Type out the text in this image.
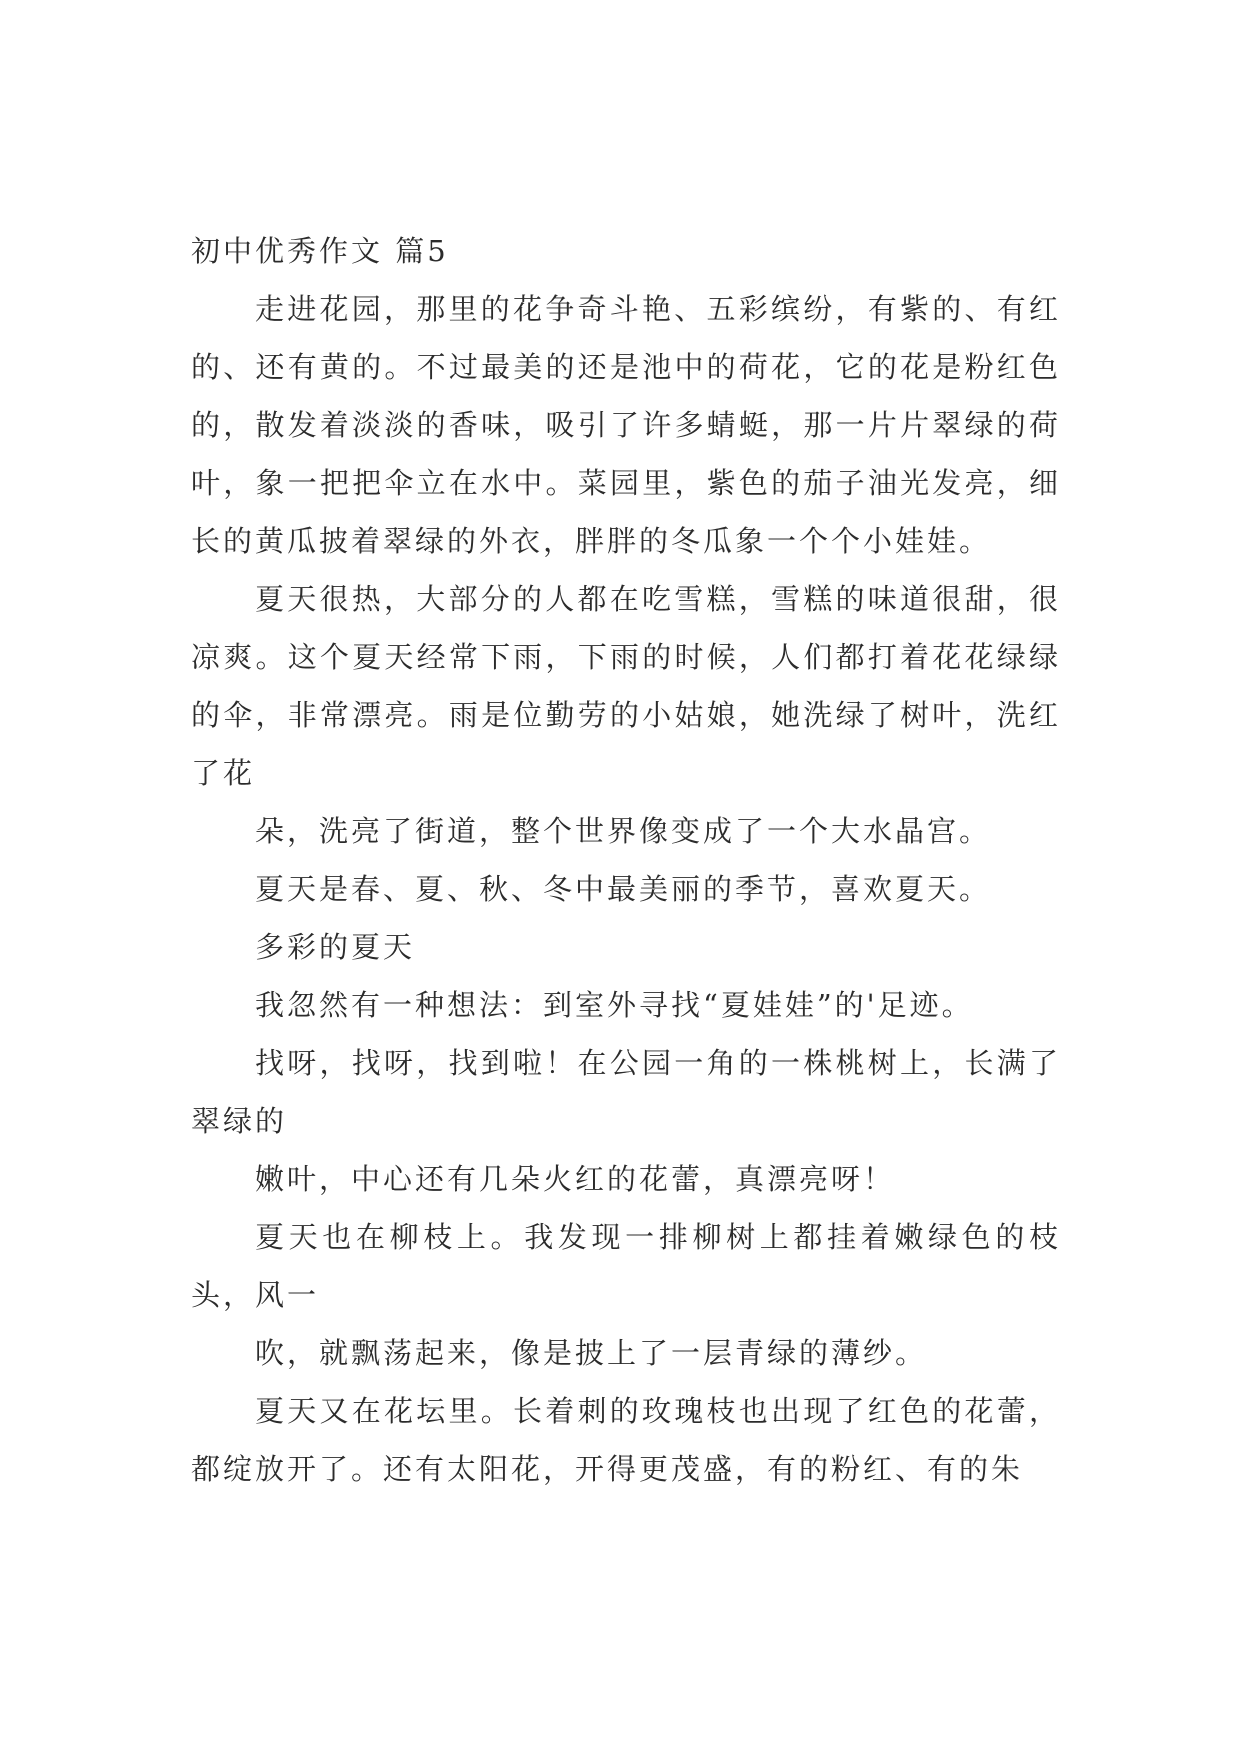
初中优秀作文 篇5

走进花园，那里的花争奇斗艳、五彩缤纷，有紫的、有红的、还有黄的。不过最美的还是池中的荷花，它的花是粉红色的，散发着淡淡的香味，吸引了许多蜻蜓，那一片片翠绿的荷叶，象一把把伞立在水中。菜园里，紫色的茄子油光发亮，细长的黄瓜披着翠绿的外衣，胖胖的冬瓜象一个个小娃娃。

夏天很热，大部分的人都在吃雪糕，雪糕的味道很甜，很凉爽。这个夏天经常下雨，下雨的时候，人们都打着花花绿绿的伞，非常漂亮。雨是位勤劳的小姑娘，她洗绿了树叶，洗红了花

朵，洗亮了街道，整个世界像变成了一个大水晶宫。

夏天是春、夏、秋、冬中最美丽的季节，喜欢夏天。

多彩的夏天

我忽然有一种想法：到室外寻找“夏娃娃”的'足迹。

找呀，找呀，找到啦！在公园一角的一株桃树上，长满了翠绿的

嫩叶，中心还有几朵火红的花蕾，真漂亮呀！

夏天也在柳枝上。我发现一排柳树上都挂着嫩绿色的枝头，风一

吹，就飘荡起来，像是披上了一层青绿的薄纱。

夏天又在花坛里。长着刺的玫瑰枝也出现了红色的花蕾，都绽放开了。还有太阳花，开得更茂盛，有的粉红、有的朱
